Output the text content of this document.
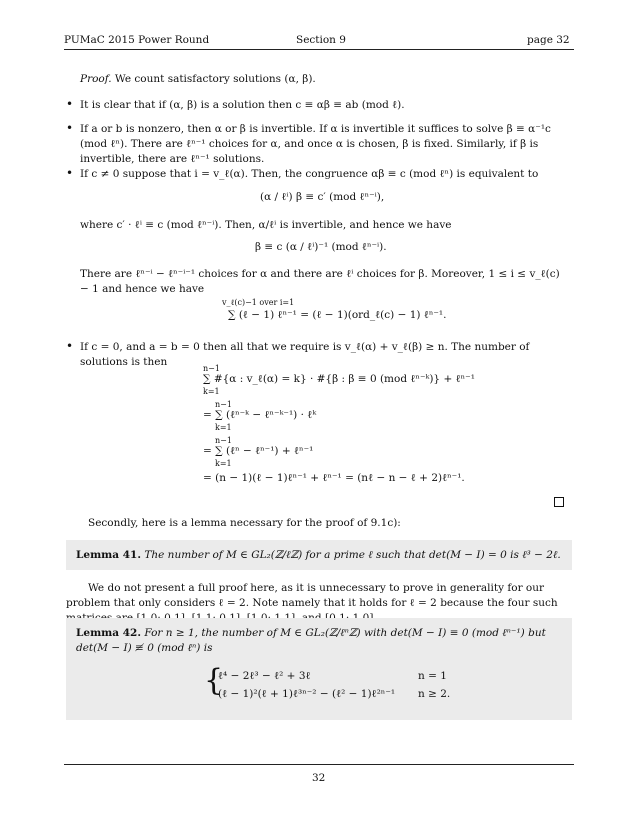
PUMaC 2015 Power Round	Section 9	page 32
Proof. We count satisfactory solutions (α, β).
• It is clear that if (α, β) is a solution then c ≡ αβ ≡ ab (mod ℓ).
• If a or b is nonzero, then α or β is invertible. If α is invertible it suffices to solve β ≡ α⁻¹c (mod ℓⁿ). There are ℓⁿ⁻¹ choices for α, and once α is chosen, β is fixed. Similarly, if β is invertible, there are ℓⁿ⁻¹ solutions.
• If c ≠ 0 suppose that i = v_ℓ(α). Then, the congruence αβ ≡ c (mod ℓⁿ) is equivalent to
(α / ℓⁱ) β ≡ c′ (mod ℓⁿ⁻ⁱ),
where c′ · ℓⁱ ≡ c (mod ℓⁿ⁻ⁱ). Then, α/ℓⁱ is invertible, and hence we have
β ≡ c (α / ℓⁱ)⁻¹ (mod ℓⁿ⁻ⁱ).
There are ℓⁿ⁻ⁱ − ℓⁿ⁻ⁱ⁻¹ choices for α and there are ℓⁱ choices for β. Moreover, 1 ≤ i ≤ v_ℓ(c) − 1 and hence we have
v_ℓ(c)−1 over i=1
∑ (ℓ − 1) ℓⁿ⁻¹ = (ℓ − 1)(ord_ℓ(c) − 1) ℓⁿ⁻¹.
• If c = 0, and a = b = 0 then all that we require is v_ℓ(α) + v_ℓ(β) ≥ n. The number of solutions is then
n−1
k=1
∑ #{α : v_ℓ(α) = k} · #{β : β ≡ 0 (mod ℓⁿ⁻ᵏ)} + ℓⁿ⁻¹
n−1
k=1
= ∑ (ℓⁿ⁻ᵏ − ℓⁿ⁻ᵏ⁻¹) · ℓᵏ
n−1
k=1
= ∑ (ℓⁿ − ℓⁿ⁻¹) + ℓⁿ⁻¹
= (n − 1)(ℓ − 1)ℓⁿ⁻¹ + ℓⁿ⁻¹ = (nℓ − n − ℓ + 2)ℓⁿ⁻¹.
Secondly, here is a lemma necessary for the proof of 9.1c):
Lemma 41. The number of M ∈ GL₂(ℤ/ℓℤ) for a prime ℓ such that det(M − I) = 0 is ℓ³ − 2ℓ.
We do not present a full proof here, as it is unnecessary to prove in generality for our problem that only considers ℓ = 2. Note namely that it holds for ℓ = 2 because the four such
Lemma 42. For n ≥ 1, the number of M ∈ GL₂(ℤ/ℓⁿℤ) with det(M − I) ≡ 0 (mod ℓⁿ⁻¹) but det(M − I) ≢ 0 (mod ℓⁿ) is
{
ℓ⁴ − 2ℓ³ − ℓ² + 3ℓ	n = 1
(ℓ − 1)²(ℓ + 1)ℓ³ⁿ⁻² − (ℓ² − 1)ℓ²ⁿ⁻¹ n ≥ 2.
32
